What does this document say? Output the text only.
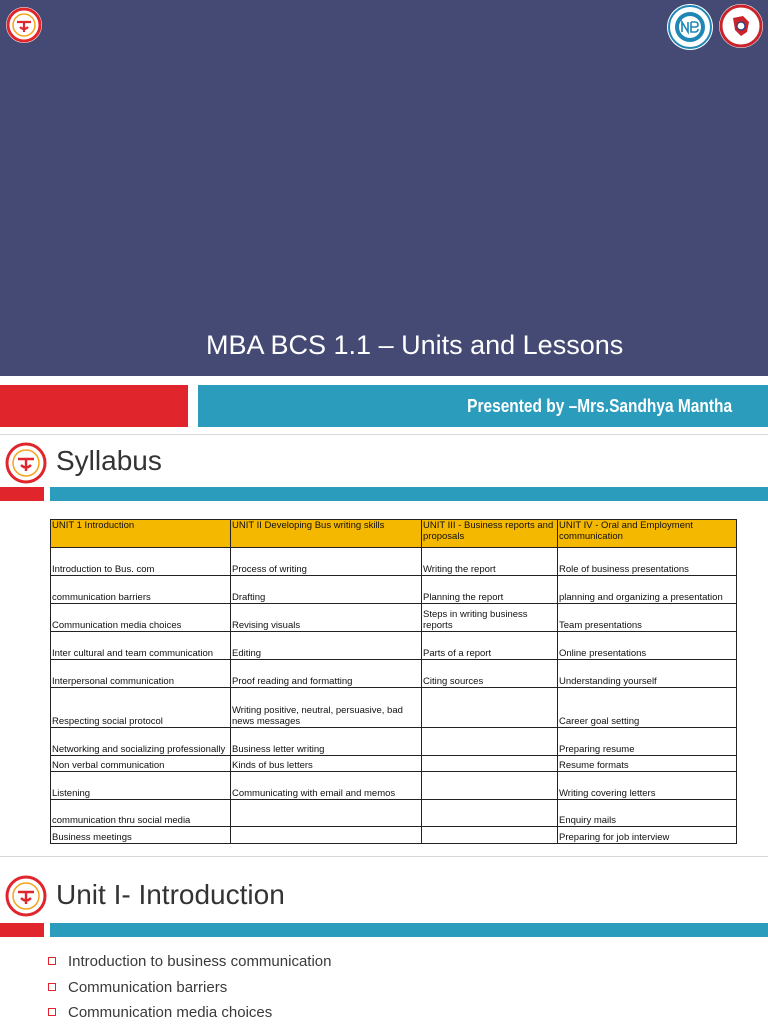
MBA BCS 1.1 – Units and Lessons
Presented by –Mrs.Sandhya Mantha
Syllabus
UNIT 1 Introduction	UNIT II Developing Bus writing skills	UNIT III - Business reports and proposals	UNIT IV - Oral and Employment communication
Introduction to Bus. com	Process of writing	Writing the report	Role of business presentations
communication barriers	Drafting	Planning the report	planning and organizing a presentation
Communication media choices	Revising visuals	Steps in writing business reports	Team presentations
Inter cultural and team communication	Editing	Parts of a report	Online presentations
Interpersonal communication	Proof reading and formatting	Citing sources	Understanding yourself
Respecting social protocol	Writing positive, neutral, persuasive, bad news messages		Career goal setting
Networking and socializing professionally	Business letter writing		Preparing resume
Non verbal communication	Kinds of bus letters		Resume formats
Listening	Communicating with email and memos		Writing covering letters
communication thru social media			Enquiry mails
Business meetings			Preparing for job interview
Unit I- Introduction
Introduction to business communication
Communication barriers
Communication media choices
